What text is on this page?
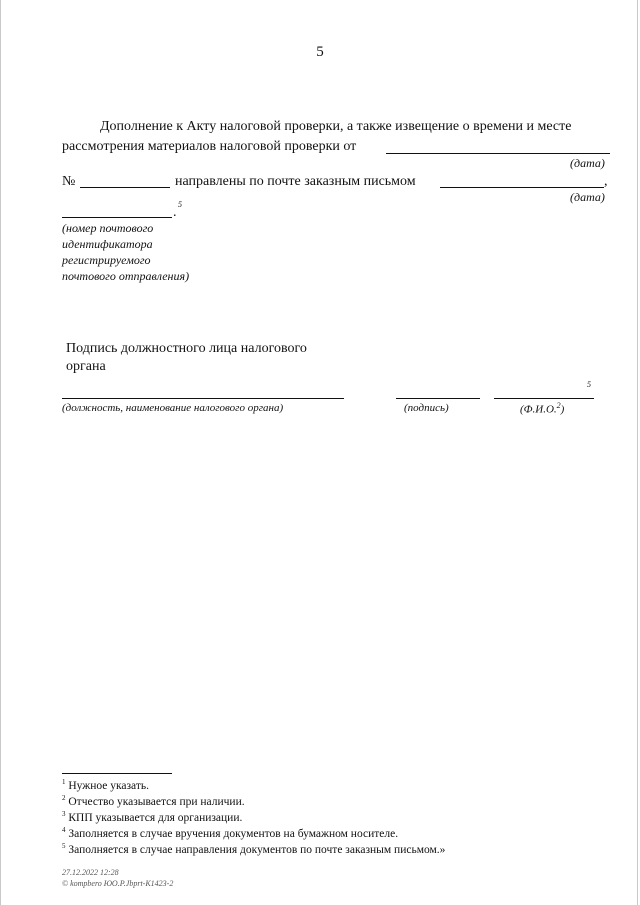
5
Дополнение к Акту налоговой проверки, а также извещение о времени и месте
рассмотрения материалов налоговой проверки от
(дата)
№	направлены по почте заказным письмом	,
(дата)
.
5
(номер почтового
идентификатора
регистрируемого
почтового отправления)
Подпись должностного лица налогового
органа
5
(должность, наименование налогового органа)	(подпись)	(Ф.И.О.$^2$)
$^1$ Нужное указать.
$^2$ Отчество указывается при наличии.
$^3$ КПП указывается для организации.
$^4$ Заполняется в случае вручения документов на бумажном носителе.
$^5$ Заполняется в случае направления документов по почте заказным письмом.»
27.12.2022 12:28
© kompbero ЮО.Р.Jbprt-K1423-2
